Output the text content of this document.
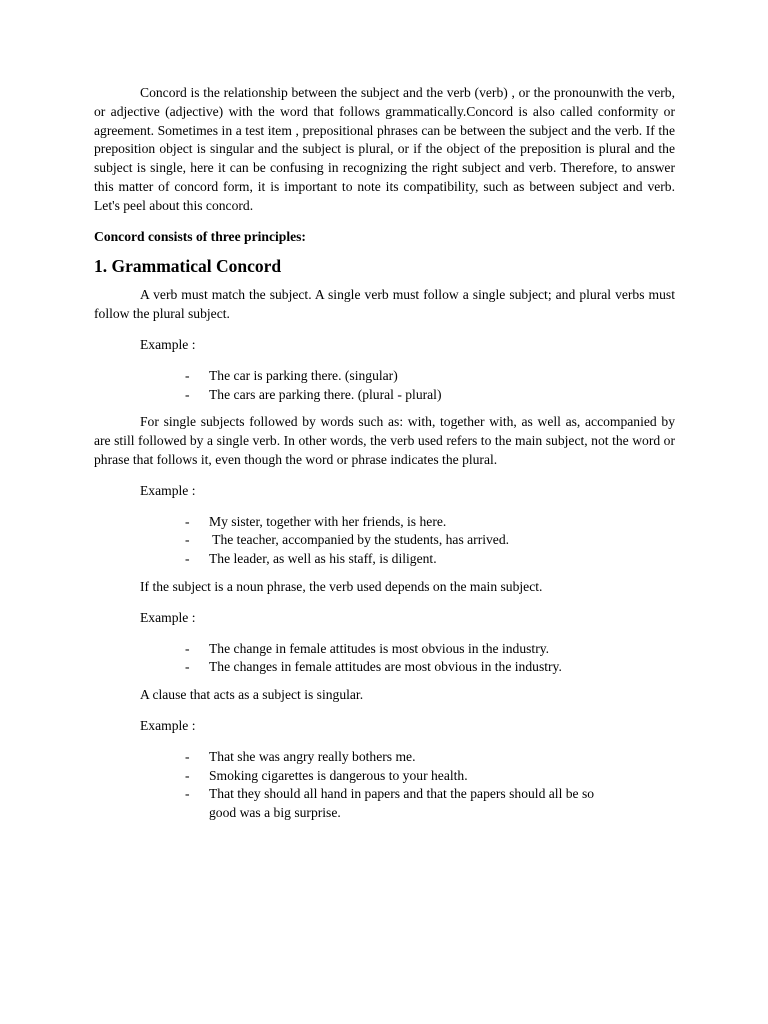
Concord is the relationship between the subject and the verb (verb) , or the pronounwith the verb, or adjective (adjective) with the word that follows grammatically.Concord is also called conformity or agreement. Sometimes in a test item , prepositional phrases can be between the subject and the verb. If the preposition object is singular and the subject is plural, or if the object of the preposition is plural and the subject is single, here it can be confusing in recognizing the right subject and verb. Therefore, to answer this matter of concord form, it is important to note its compatibility, such as between subject and verb. Let's peel about this concord.

Concord consists of three principles:

1. Grammatical Concord

A verb must match the subject. A single verb must follow a single subject; and plural verbs must follow the plural subject.

Example :

- The car is parking there. (singular)
- The cars are parking there. (plural - plural)

For single subjects followed by words such as: with, together with, as well as, accompanied by are still followed by a single verb. In other words, the verb used refers to the main subject, not the word or phrase that follows it, even though the word or phrase indicates the plural.

Example :

- My sister, together with her friends, is here.
- The teacher, accompanied by the students, has arrived.
- The leader, as well as his staff, is diligent.

If the subject is a noun phrase, the verb used depends on the main subject.

Example :

- The change in female attitudes is most obvious in the industry.
- The changes in female attitudes are most obvious in the industry.

A clause that acts as a subject is singular.

Example :

- That she was angry really bothers me.
- Smoking cigarettes is dangerous to your health.
- That they should all hand in papers and that the papers should all be so good was a big surprise.
